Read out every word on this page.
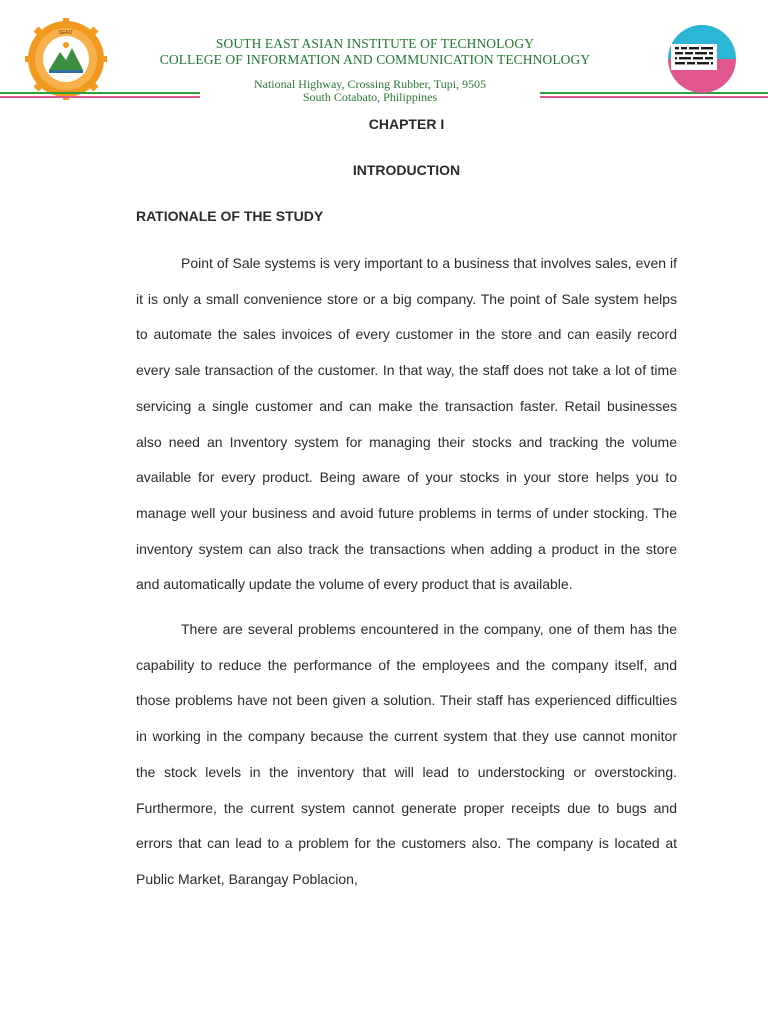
SEAIT
SOUTH EAST ASIAN INSTITUTE OF TECHNOLOGY
COLLEGE OF INFORMATION AND COMMUNICATION TECHNOLOGY
National Highway, Crossing Rubber, Tupi, 9505
South Cotabato, Philippines
CHAPTER I
INTRODUCTION
RATIONALE OF THE STUDY

Point of Sale systems is very important to a business that involves sales, even if it is only a small convenience store or a big company. The point of Sale system helps to automate the sales invoices of every customer in the store and can easily record every sale transaction of the customer. In that way, the staff does not take a lot of time servicing a single customer and can make the transaction faster. Retail businesses also need an Inventory system for managing their stocks and tracking the volume available for every product. Being aware of your stocks in your store helps you to manage well your business and avoid future problems in terms of under stocking. The inventory system can also track the transactions when adding a product in the store and automatically update the volume of every product that is available.

There are several problems encountered in the company, one of them has the capability to reduce the performance of the employees and the company itself, and those problems have not been given a solution. Their staff has experienced difficulties in working in the company because the current system that they use cannot monitor the stock levels in the inventory that will lead to understocking or overstocking. Furthermore, the current system cannot generate proper receipts due to bugs and errors that can lead to a problem for the customers also. The company is located at Public Market, Barangay Poblacion,
